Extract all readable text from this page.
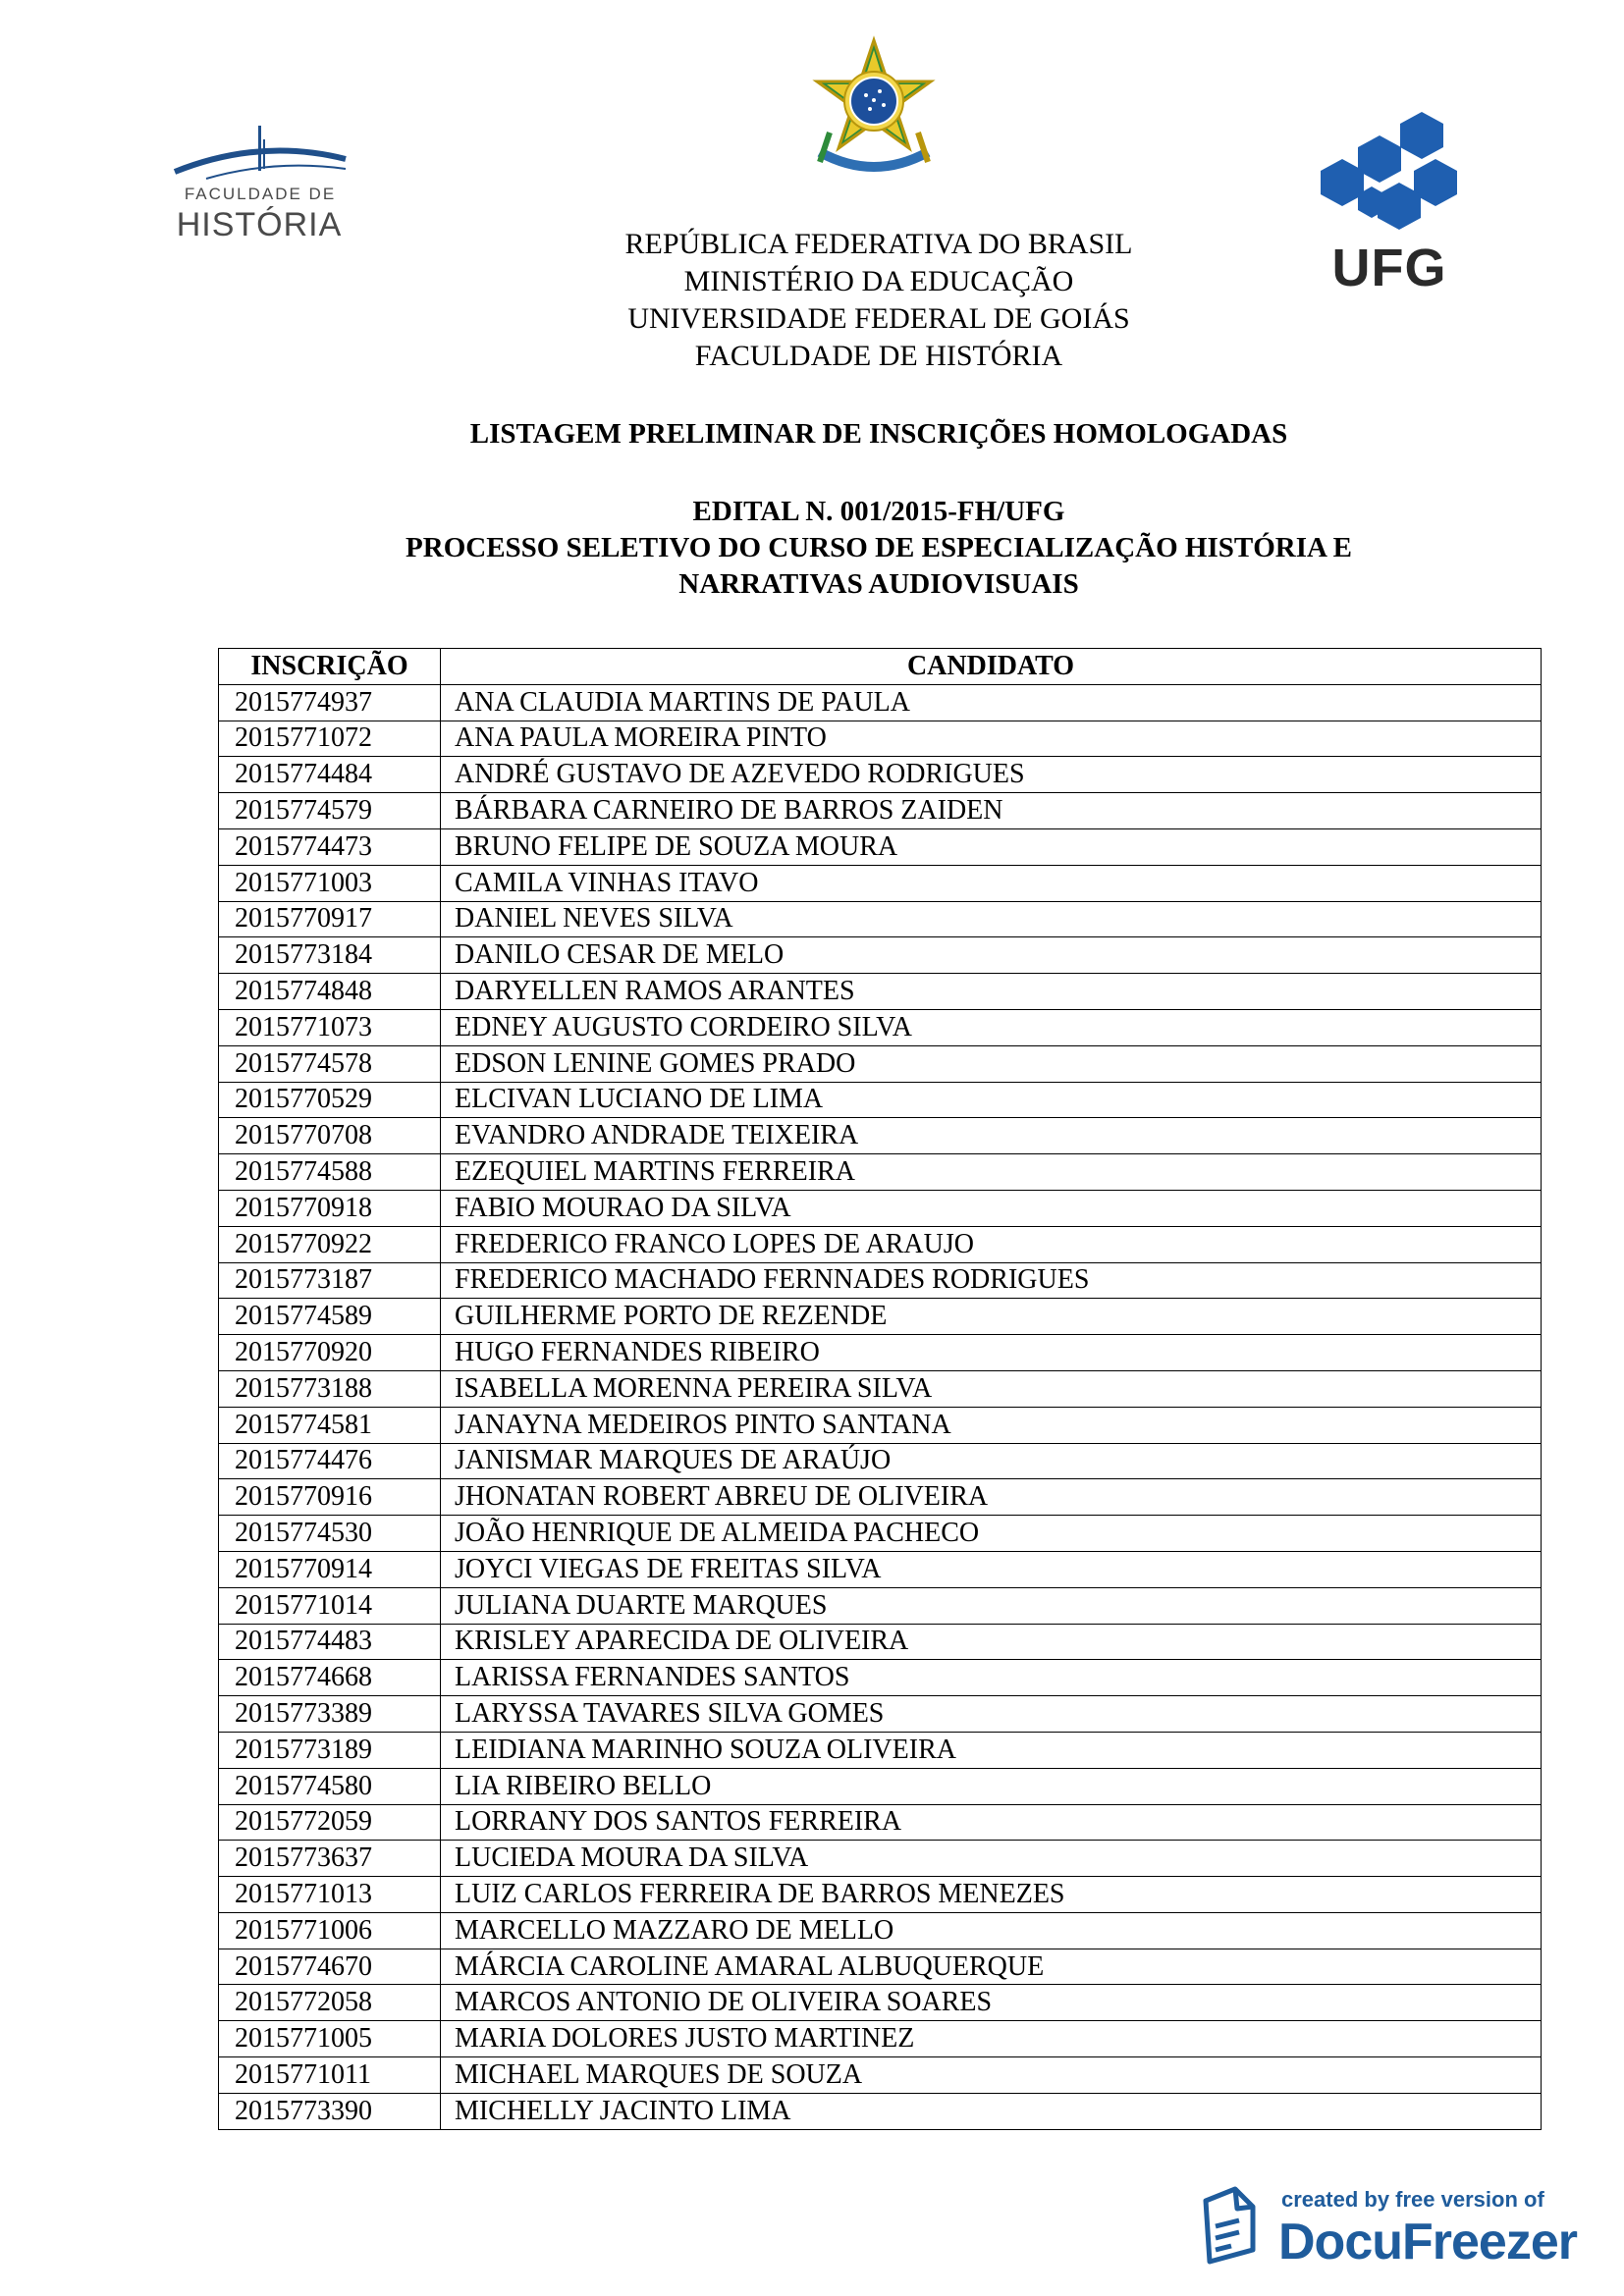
FACULDADE DE
HISTÓRIA
UFG
REPÚBLICA FEDERATIVA DO BRASIL
MINISTÉRIO DA EDUCAÇÃO
UNIVERSIDADE FEDERAL DE GOIÁS
FACULDADE DE HISTÓRIA
LISTAGEM PRELIMINAR DE INSCRIÇÕES HOMOLOGADAS
EDITAL N. 001/2015-FH/UFG
PROCESSO SELETIVO DO CURSO DE ESPECIALIZAÇÃO HISTÓRIA E
NARRATIVAS AUDIOVISUAIS
INSCRIÇÃO	CANDIDATO
2015774937	ANA CLAUDIA MARTINS DE PAULA
2015771072	ANA PAULA MOREIRA PINTO
2015774484	ANDRÉ GUSTAVO DE AZEVEDO RODRIGUES
2015774579	BÁRBARA CARNEIRO DE BARROS ZAIDEN
2015774473	BRUNO FELIPE DE SOUZA MOURA
2015771003	CAMILA VINHAS ITAVO
2015770917	DANIEL NEVES SILVA
2015773184	DANILO CESAR DE MELO
2015774848	DARYELLEN RAMOS ARANTES
2015771073	EDNEY AUGUSTO CORDEIRO SILVA
2015774578	EDSON LENINE GOMES PRADO
2015770529	ELCIVAN LUCIANO DE LIMA
2015770708	EVANDRO ANDRADE TEIXEIRA
2015774588	EZEQUIEL MARTINS FERREIRA
2015770918	FABIO MOURAO DA SILVA
2015770922	FREDERICO FRANCO LOPES DE ARAUJO
2015773187	FREDERICO MACHADO FERNNADES RODRIGUES
2015774589	GUILHERME PORTO DE REZENDE
2015770920	HUGO FERNANDES RIBEIRO
2015773188	ISABELLA MORENNA PEREIRA SILVA
2015774581	JANAYNA MEDEIROS PINTO SANTANA
2015774476	JANISMAR MARQUES DE ARAÚJO
2015770916	JHONATAN ROBERT ABREU DE OLIVEIRA
2015774530	JOÃO HENRIQUE DE ALMEIDA PACHECO
2015770914	JOYCI VIEGAS DE FREITAS SILVA
2015771014	JULIANA DUARTE MARQUES
2015774483	KRISLEY APARECIDA DE OLIVEIRA
2015774668	LARISSA FERNANDES SANTOS
2015773389	LARYSSA TAVARES SILVA GOMES
2015773189	LEIDIANA MARINHO SOUZA OLIVEIRA
2015774580	LIA RIBEIRO BELLO
2015772059	LORRANY DOS SANTOS FERREIRA
2015773637	LUCIEDA MOURA DA SILVA
2015771013	LUIZ CARLOS FERREIRA DE BARROS MENEZES
2015771006	MARCELLO MAZZARO DE MELLO
2015774670	MÁRCIA CAROLINE AMARAL ALBUQUERQUE
2015772058	MARCOS ANTONIO DE OLIVEIRA SOARES
2015771005	MARIA DOLORES JUSTO MARTINEZ
2015771011	MICHAEL MARQUES DE SOUZA
2015773390	MICHELLY JACINTO LIMA
created by free version of
DocuFreezer
